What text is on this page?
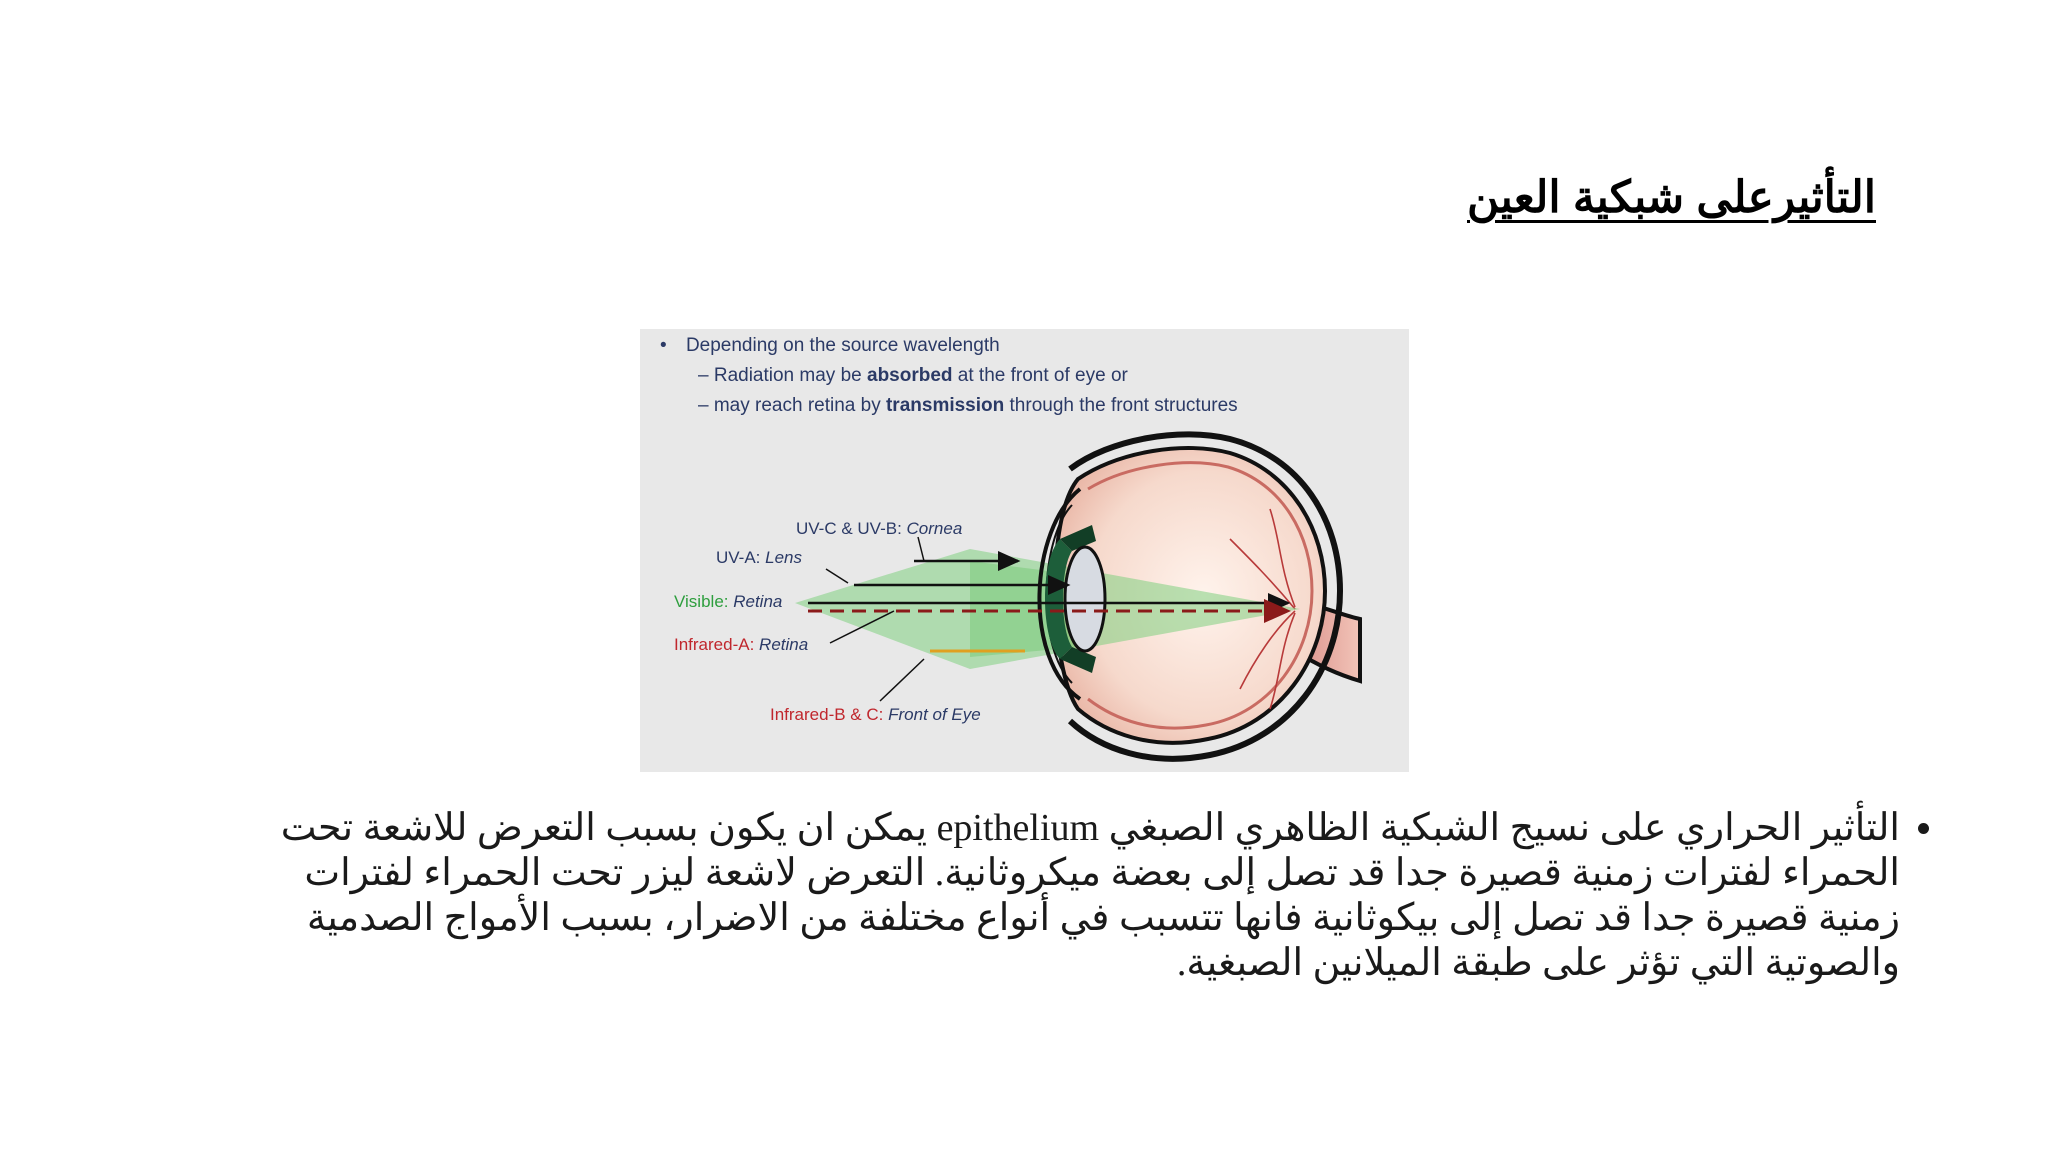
التأثيرعلى شبكية العين
• Depending on the source wavelength
– Radiation may be absorbed at the front of eye or
– may reach retina by transmission through the front structures
UV-C & UV-B: Cornea
UV-A: Lens
Visible: Retina
Infrared-A: Retina
Infrared-B & C: Front of Eye
• التأثير الحراري على نسيج الشبكية الظاهري الصبغي epithelium يمكن ان يكون بسبب التعرض للاشعة تحت الحمراء لفترات زمنية قصيرة جدا قد تصل إلى بعضة ميكروثانية. التعرض لاشعة ليزر تحت الحمراء لفترات زمنية قصيرة جدا قد تصل إلى بيكوثانية فانها تتسبب في أنواع مختلفة من الاضرار، بسبب الأمواج الصدمية والصوتية التي تؤثر على طبقة الميلانين الصبغية.
